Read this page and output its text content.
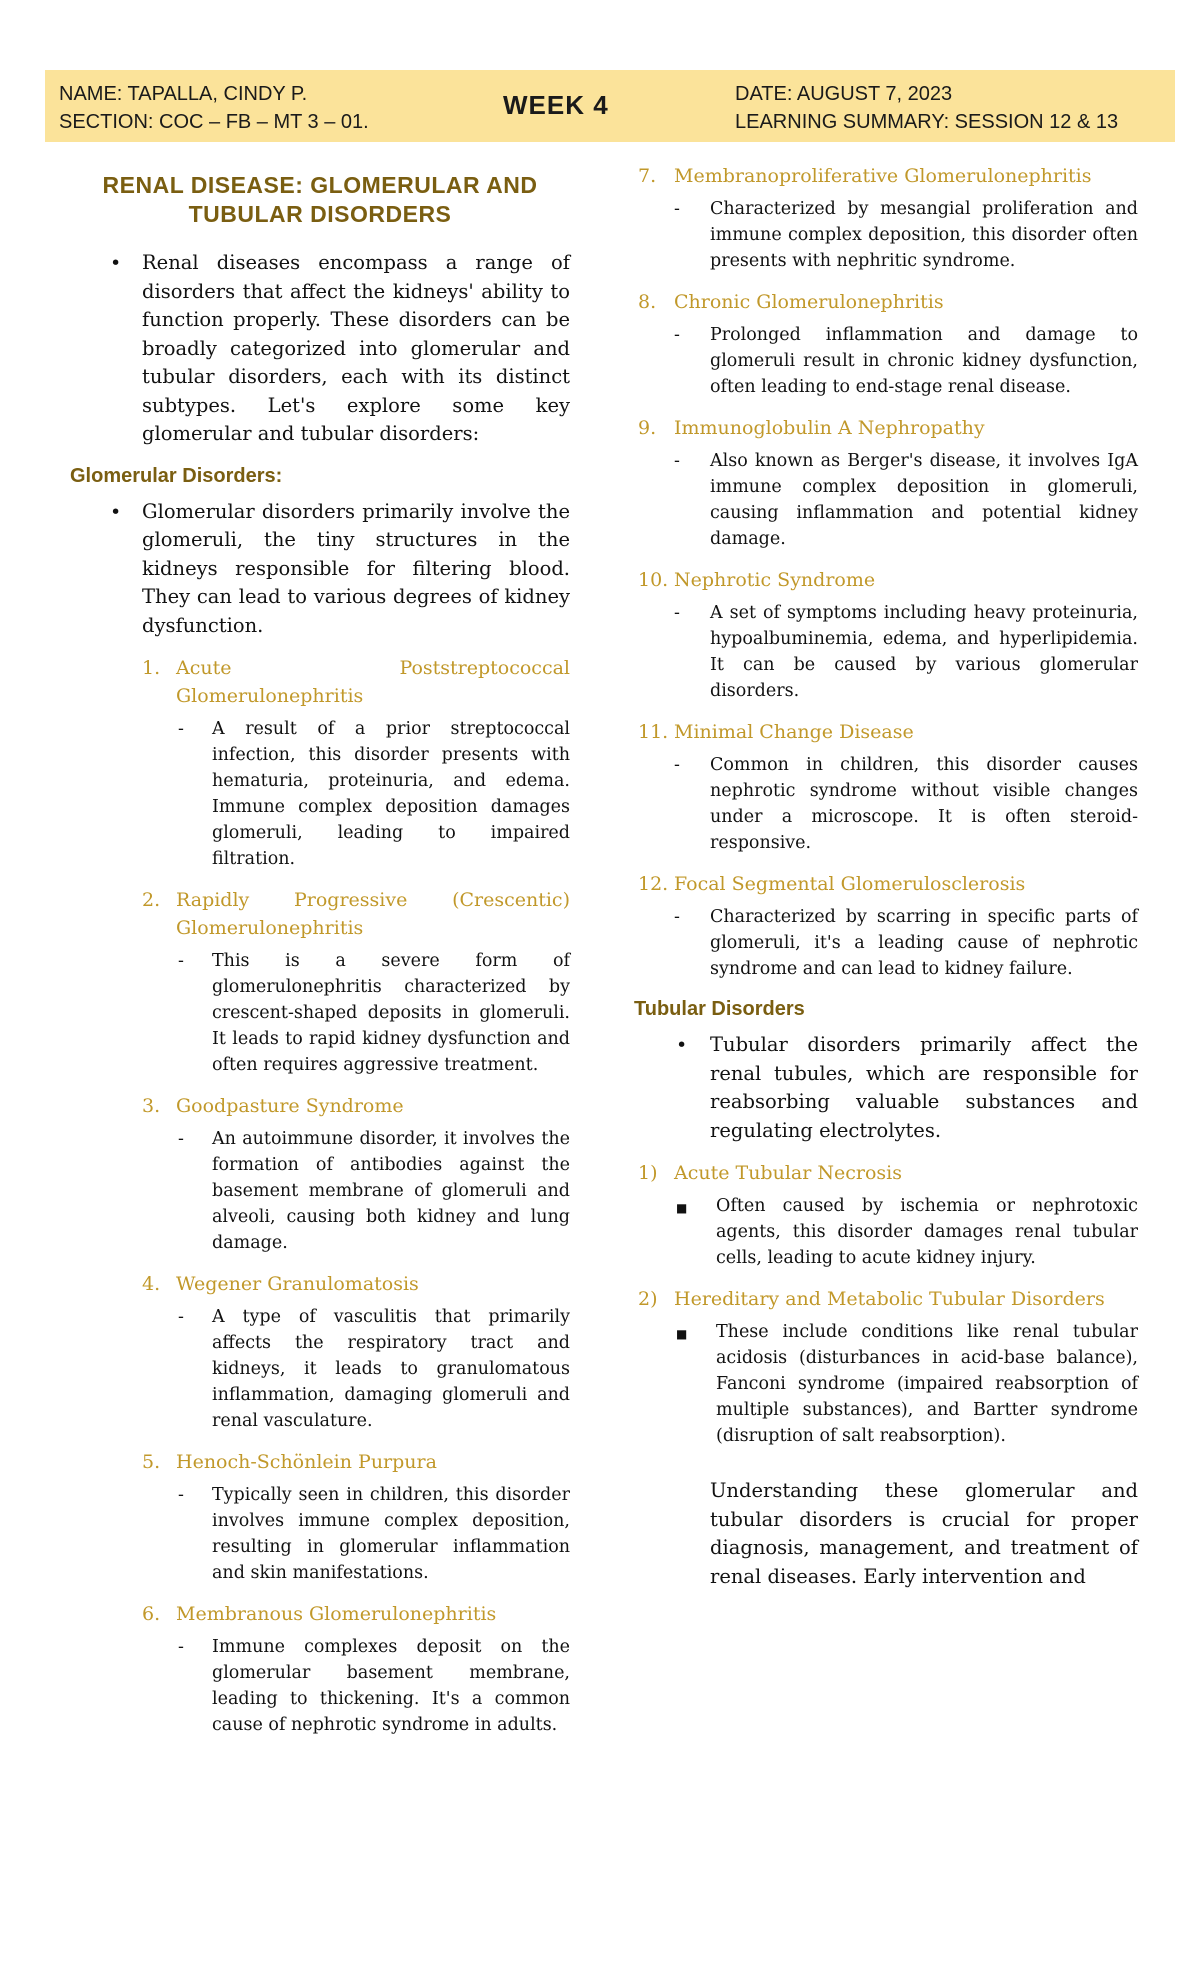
NAME: TAPALLA, CINDY P.
SECTION: COC – FB – MT 3 – 01.
WEEK 4	DATE: AUGUST 7, 2023
LEARNING SUMMARY: SESSION 12 & 13
RENAL DISEASE: GLOMERULAR AND
TUBULAR DISORDERS
• Renal diseases encompass a range of disorders that affect the kidneys' ability to function properly. These disorders can be broadly categorized into glomerular and tubular disorders, each with its distinct subtypes. Let's explore some key glomerular and tubular disorders:
Glomerular Disorders:
• Glomerular disorders primarily involve the glomeruli, the tiny structures in the kidneys responsible for filtering blood. They can lead to various degrees of kidney dysfunction.
1. Acute Poststreptococcal Glomerulonephritis
- A result of a prior streptococcal infection, this disorder presents with hematuria, proteinuria, and edema. Immune complex deposition damages glomeruli, leading to impaired filtration.
2. Rapidly Progressive (Crescentic) Glomerulonephritis
- This is a severe form of glomerulonephritis characterized by crescent-shaped deposits in glomeruli. It leads to rapid kidney dysfunction and often requires aggressive treatment.
3. Goodpasture Syndrome
- An autoimmune disorder, it involves the formation of antibodies against the basement membrane of glomeruli and alveoli, causing both kidney and lung damage.
4. Wegener Granulomatosis
- A type of vasculitis that primarily affects the respiratory tract and kidneys, it leads to granulomatous inflammation, damaging glomeruli and renal vasculature.
5. Henoch-Schönlein Purpura
- Typically seen in children, this disorder involves immune complex deposition, resulting in glomerular inflammation and skin manifestations.
6. Membranous Glomerulonephritis
- Immune complexes deposit on the glomerular basement membrane, leading to thickening. It's a common cause of nephrotic syndrome in adults.
7. Membranoproliferative Glomerulonephritis
- Characterized by mesangial proliferation and immune complex deposition, this disorder often presents with nephritic syndrome.
8. Chronic Glomerulonephritis
- Prolonged inflammation and damage to glomeruli result in chronic kidney dysfunction, often leading to end-stage renal disease.
9. Immunoglobulin A Nephropathy
- Also known as Berger's disease, it involves IgA immune complex deposition in glomeruli, causing inflammation and potential kidney damage.
10. Nephrotic Syndrome
- A set of symptoms including heavy proteinuria, hypoalbuminemia, edema, and hyperlipidemia. It can be caused by various glomerular disorders.
11. Minimal Change Disease
- Common in children, this disorder causes nephrotic syndrome without visible changes under a microscope. It is often steroid-responsive.
12. Focal Segmental Glomerulosclerosis
- Characterized by scarring in specific parts of glomeruli, it's a leading cause of nephrotic syndrome and can lead to kidney failure.
Tubular Disorders
• Tubular disorders primarily affect the renal tubules, which are responsible for reabsorbing valuable substances and regulating electrolytes.
1) Acute Tubular Necrosis
■ Often caused by ischemia or nephrotoxic agents, this disorder damages renal tubular cells, leading to acute kidney injury.
2) Hereditary and Metabolic Tubular Disorders
■ These include conditions like renal tubular acidosis (disturbances in acid-base balance), Fanconi syndrome (impaired reabsorption of multiple substances), and Bartter syndrome (disruption of salt reabsorption).
Understanding these glomerular and tubular disorders is crucial for proper diagnosis, management, and treatment of renal diseases. Early intervention and
